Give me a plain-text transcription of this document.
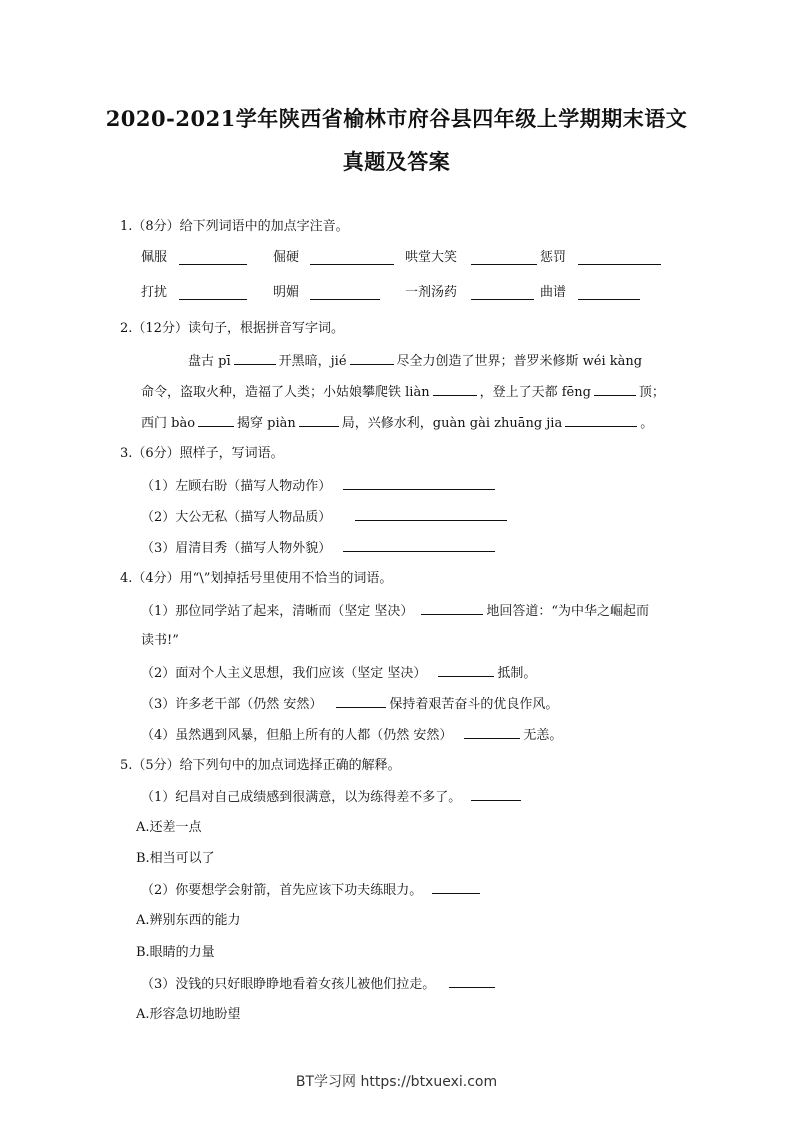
2020-2021学年陕西省榆林市府谷县四年级上学期期末语文
真题及答案
1.（8分）给下列词语中的加点字注音。
佩服	倔硬	哄堂大笑	惩罚
打扰	明媚	一剂汤药	曲谱
2.（12分）读句子，根据拼音写字词。
盘古 pī	开黑暗，jié	尽全力创造了世界；普罗米修斯 wéi kàng
命令，盗取火种，造福了人类；小姑娘攀爬铁 liàn	，登上了天都 fēng	顶；
西门 bào	揭穿 piàn	局，兴修水利，guàn gài zhuāng jia	。
3.（6分）照样子，写词语。
（1）左顾右盼（描写人物动作）
（2）大公无私（描写人物品质）
（3）眉清目秀（描写人物外貌）
4.（4分）用“\”划掉括号里使用不恰当的词语。
（1）那位同学站了起来，清晰而（坚定 坚决）	地回答道：“为中华之崛起而
读书!”
（2）面对个人主义思想，我们应该（坚定 坚决）	抵制。
（3）许多老干部（仍然 安然）	保持着艰苦奋斗的优良作风。
（4）虽然遇到风暴，但船上所有的人都（仍然 安然）	无恙。
5.（5分）给下列句中的加点词选择正确的解释。
（1）纪昌对自己成绩感到很满意，以为练得差不多了。
A.还差一点
B.相当可以了
（2）你要想学会射箭，首先应该下功夫练眼力。
A.辨别东西的能力
B.眼睛的力量
（3）没钱的只好眼睁睁地看着女孩儿被他们拉走。
A.形容急切地盼望
BT学习网 https://btxuexi.com
